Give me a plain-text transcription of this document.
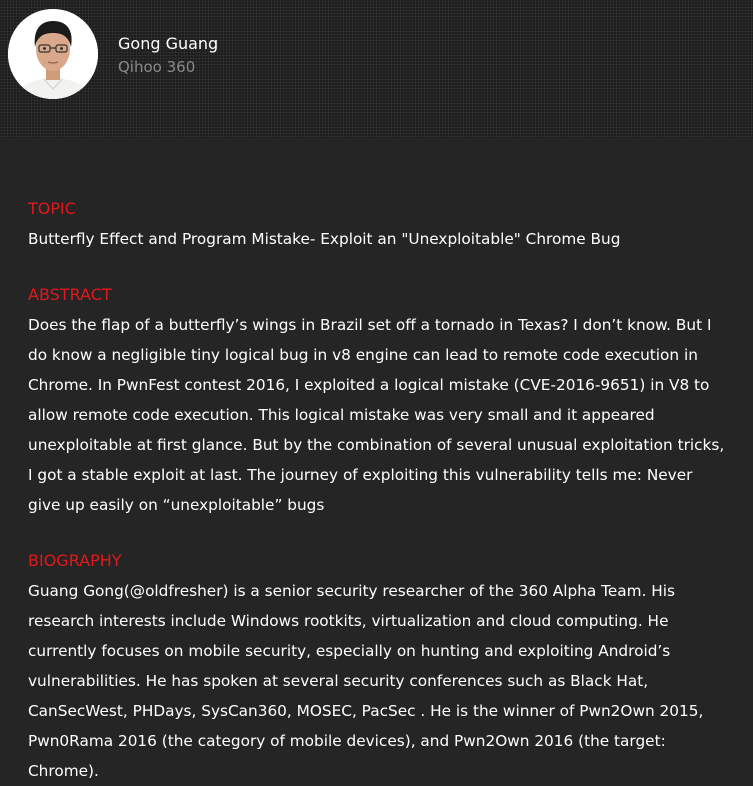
Gong Guang
Qihoo 360
TOPIC
Butterfly Effect and Program Mistake- Exploit an "Unexploitable" Chrome Bug
ABSTRACT
Does the flap of a butterfly’s wings in Brazil set off a tornado in Texas? I don’t know. But I do know a negligible tiny logical bug in v8 engine can lead to remote code execution in Chrome. In PwnFest contest 2016, I exploited a logical mistake (CVE-2016-9651) in V8 to allow remote code execution. This logical mistake was very small and it appeared unexploitable at first glance. But by the combination of several unusual exploitation tricks, I got a stable exploit at last. The journey of exploiting this vulnerability tells me: Never give up easily on “unexploitable” bugs
BIOGRAPHY
Guang Gong(@oldfresher) is a senior security researcher of the 360 Alpha Team. His research interests include Windows rootkits, virtualization and cloud computing. He currently focuses on mobile security, especially on hunting and exploiting Android’s vulnerabilities. He has spoken at several security conferences such as Black Hat, CanSecWest, PHDays, SysCan360, MOSEC, PacSec . He is the winner of Pwn2Own 2015, Pwn0Rama 2016 (the category of mobile devices), and Pwn2Own 2016 (the target: Chrome).
